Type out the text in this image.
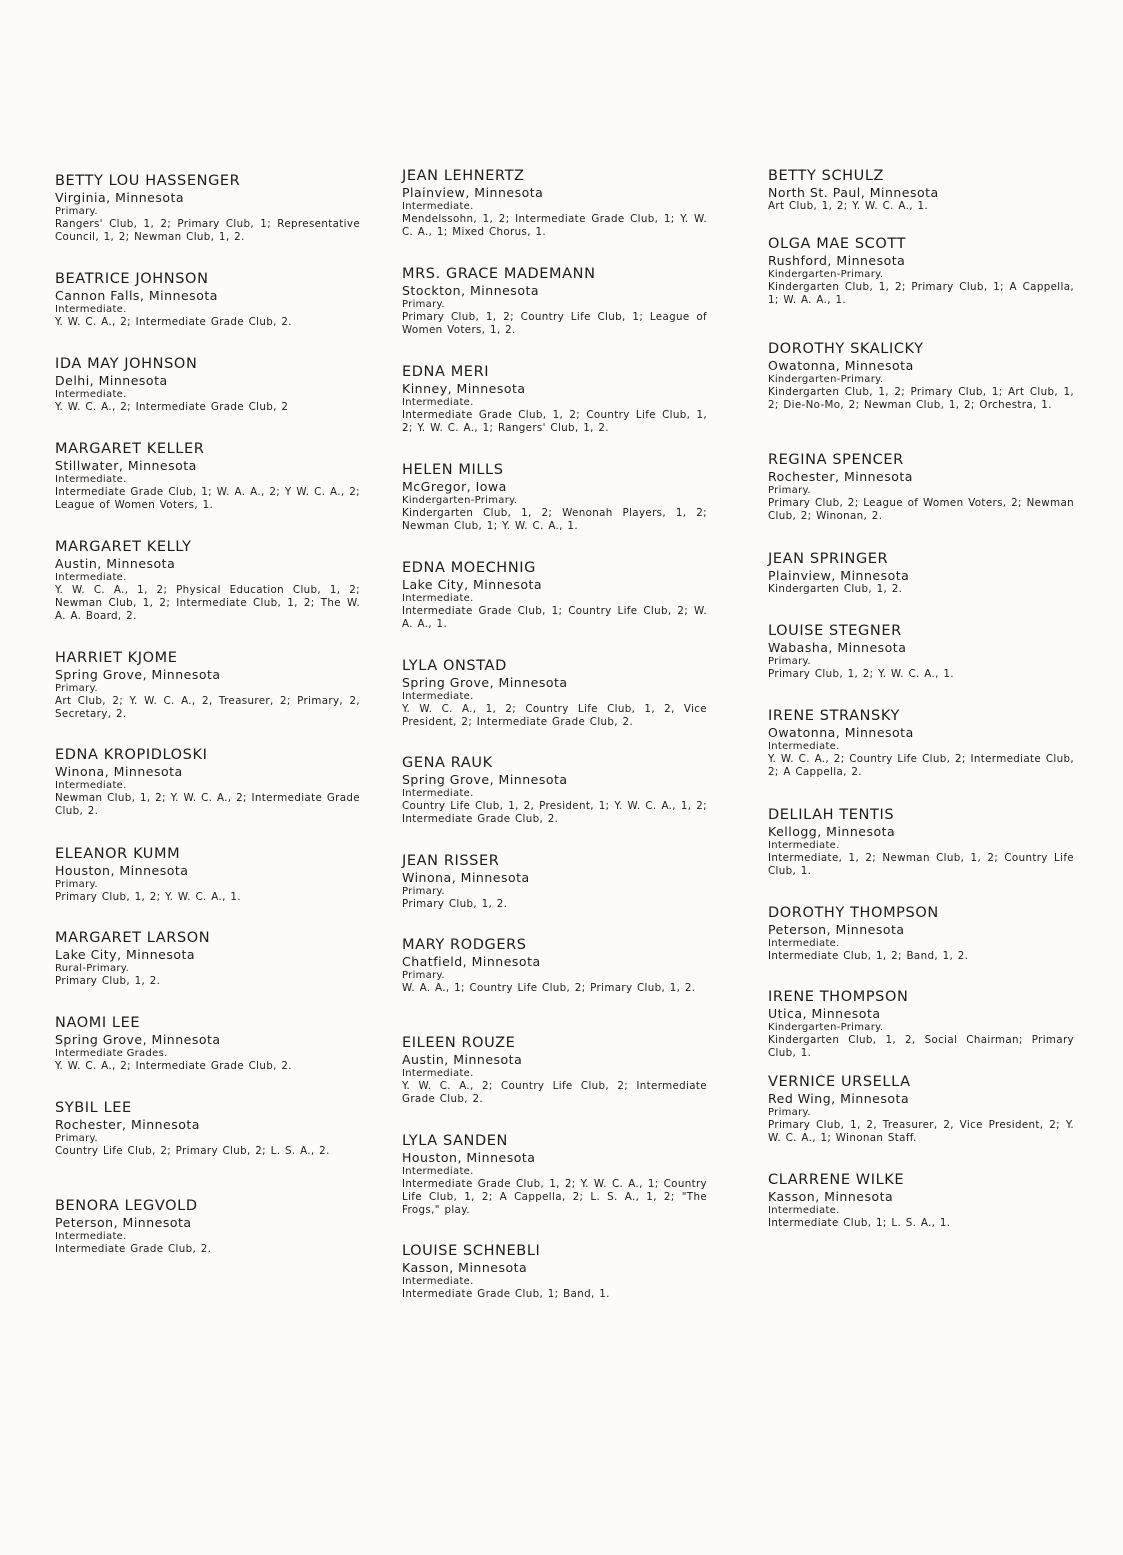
BETTY LOU HASSENGER
Virginia, Minnesota
Primary.
Rangers' Club, 1, 2; Primary Club, 1; Representative Council, 1, 2; Newman Club, 1, 2.
BEATRICE JOHNSON
Cannon Falls, Minnesota
Intermediate.
Y. W. C. A., 2; Intermediate Grade Club, 2.
IDA MAY JOHNSON
Delhi, Minnesota
Intermediate.
Y. W. C. A., 2; Intermediate Grade Club, 2
MARGARET KELLER
Stillwater, Minnesota
Intermediate.
Intermediate Grade Club, 1; W. A. A., 2; Y W. C. A., 2; League of Women Voters, 1.
MARGARET KELLY
Austin, Minnesota
Intermediate.
Y. W. C. A., 1, 2; Physical Education Club, 1, 2; Newman Club, 1, 2; Intermediate Club, 1, 2; The W. A. A. Board, 2.
HARRIET KJOME
Spring Grove, Minnesota
Primary.
Art Club, 2; Y. W. C. A., 2, Treasurer, 2; Primary, 2, Secretary, 2.
EDNA KROPIDLOSKI
Winona, Minnesota
Intermediate.
Newman Club, 1, 2; Y. W. C. A., 2; Intermediate Grade Club, 2.
ELEANOR KUMM
Houston, Minnesota
Primary.
Primary Club, 1, 2; Y. W. C. A., 1.
MARGARET LARSON
Lake City, Minnesota
Rural-Primary.
Primary Club, 1, 2.
NAOMI LEE
Spring Grove, Minnesota
Intermediate Grades.
Y. W. C. A., 2; Intermediate Grade Club, 2.
SYBIL LEE
Rochester, Minnesota
Primary.
Country Life Club, 2; Primary Club, 2; L. S. A., 2.
BENORA LEGVOLD
Peterson, Minnesota
Intermediate.
Intermediate Grade Club, 2.
JEAN LEHNERTZ
Plainview, Minnesota
Intermediate.
Mendelssohn, 1, 2; Intermediate Grade Club, 1; Y. W. C. A., 1; Mixed Chorus, 1.
MRS. GRACE MADEMANN
Stockton, Minnesota
Primary.
Primary Club, 1, 2; Country Life Club, 1; League of Women Voters, 1, 2.
EDNA MERI
Kinney, Minnesota
Intermediate.
Intermediate Grade Club, 1, 2; Country Life Club, 1, 2; Y. W. C. A., 1; Rangers' Club, 1, 2.
HELEN MILLS
McGregor, Iowa
Kindergarten-Primary.
Kindergarten Club, 1, 2; Wenonah Players, 1, 2; Newman Club, 1; Y. W. C. A., 1.
EDNA MOECHNIG
Lake City, Minnesota
Intermediate.
Intermediate Grade Club, 1; Country Life Club, 2; W. A. A., 1.
LYLA ONSTAD
Spring Grove, Minnesota
Intermediate.
Y. W. C. A., 1, 2; Country Life Club, 1, 2, Vice President, 2; Intermediate Grade Club, 2.
GENA RAUK
Spring Grove, Minnesota
Intermediate.
Country Life Club, 1, 2, President, 1; Y. W. C. A., 1, 2; Intermediate Grade Club, 2.
JEAN RISSER
Winona, Minnesota
Primary.
Primary Club, 1, 2.
MARY RODGERS
Chatfield, Minnesota
Primary.
W. A. A., 1; Country Life Club, 2; Primary Club, 1, 2.
EILEEN ROUZE
Austin, Minnesota
Intermediate.
Y. W. C. A., 2; Country Life Club, 2; Intermediate Grade Club, 2.
LYLA SANDEN
Houston, Minnesota
Intermediate.
Intermediate Grade Club, 1, 2; Y. W. C. A., 1; Country Life Club, 1, 2; A Cappella, 2; L. S. A., 1, 2; "The Frogs," play.
LOUISE SCHNEBLI
Kasson, Minnesota
Intermediate.
Intermediate Grade Club, 1; Band, 1.
BETTY SCHULZ
North St. Paul, Minnesota
Art Club, 1, 2; Y. W. C. A., 1.
OLGA MAE SCOTT
Rushford, Minnesota
Kindergarten-Primary.
Kindergarten Club, 1, 2; Primary Club, 1; A Cappella, 1; W. A. A., 1.
DOROTHY SKALICKY
Owatonna, Minnesota
Kindergarten-Primary.
Kindergarten Club, 1, 2; Primary Club, 1; Art Club, 1, 2; Die-No-Mo, 2; Newman Club, 1, 2; Orchestra, 1.
REGINA SPENCER
Rochester, Minnesota
Primary.
Primary Club, 2; League of Women Voters, 2; Newman Club, 2; Winonan, 2.
JEAN SPRINGER
Plainview, Minnesota
Kindergarten Club, 1, 2.
LOUISE STEGNER
Wabasha, Minnesota
Primary.
Primary Club, 1, 2; Y. W. C. A., 1.
IRENE STRANSKY
Owatonna, Minnesota
Intermediate.
Y. W. C. A., 2; Country Life Club, 2; Intermediate Club, 2; A Cappella, 2.
DELILAH TENTIS
Kellogg, Minnesota
Intermediate.
Intermediate, 1, 2; Newman Club, 1, 2; Country Life Club, 1.
DOROTHY THOMPSON
Peterson, Minnesota
Intermediate.
Intermediate Club, 1, 2; Band, 1, 2.
IRENE THOMPSON
Utica, Minnesota
Kindergarten-Primary.
Kindergarten Club, 1, 2, Social Chairman; Primary Club, 1.
VERNICE URSELLA
Red Wing, Minnesota
Primary.
Primary Club, 1, 2, Treasurer, 2, Vice President, 2; Y. W. C. A., 1; Winonan Staff.
CLARRENE WILKE
Kasson, Minnesota
Intermediate.
Intermediate Club, 1; L. S. A., 1.
